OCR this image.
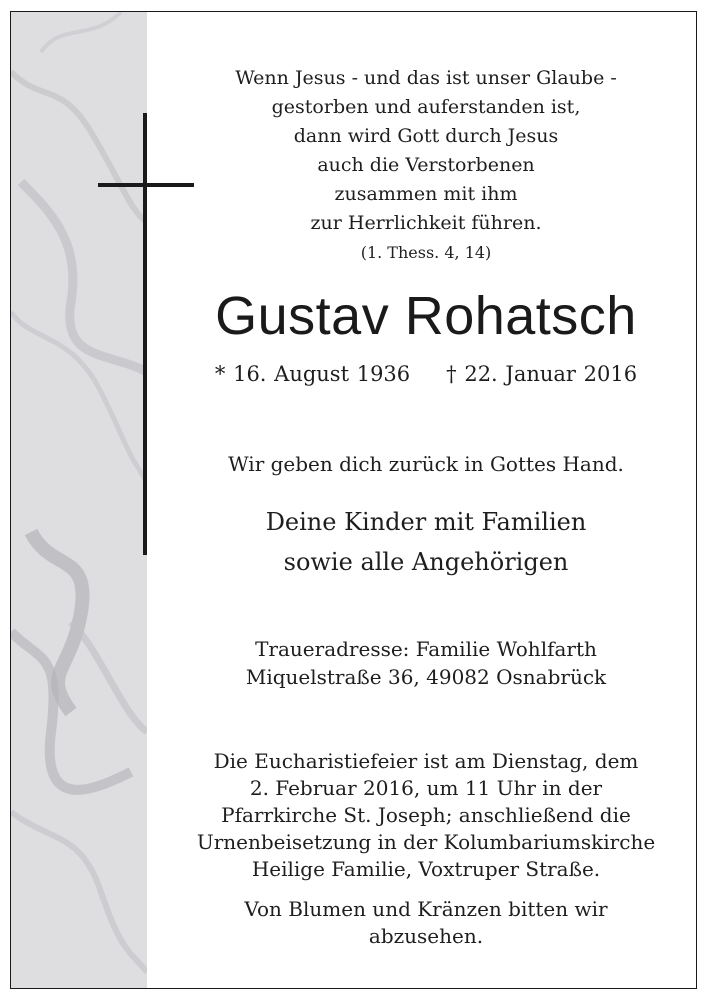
Wenn Jesus - und das ist unser Glaube -
gestorben und auferstanden ist,
dann wird Gott durch Jesus
auch die Verstorbenen
zusammen mit ihm
zur Herrlichkeit führen.
(1. Thess. 4, 14)
Gustav Rohatsch
* 16. August 1936 † 22. Januar 2016
Wir geben dich zurück in Gottes Hand.
Deine Kinder mit Familien
sowie alle Angehörigen
Traueradresse: Familie Wohlfarth
Miquelstraße 36, 49082 Osnabrück
Die Eucharistiefeier ist am Dienstag, dem
2. Februar 2016, um 11 Uhr in der
Pfarrkirche St. Joseph; anschließend die
Urnenbeisetzung in der Kolumbariumskirche
Heilige Familie, Voxtruper Straße.
Von Blumen und Kränzen bitten wir
abzusehen.
